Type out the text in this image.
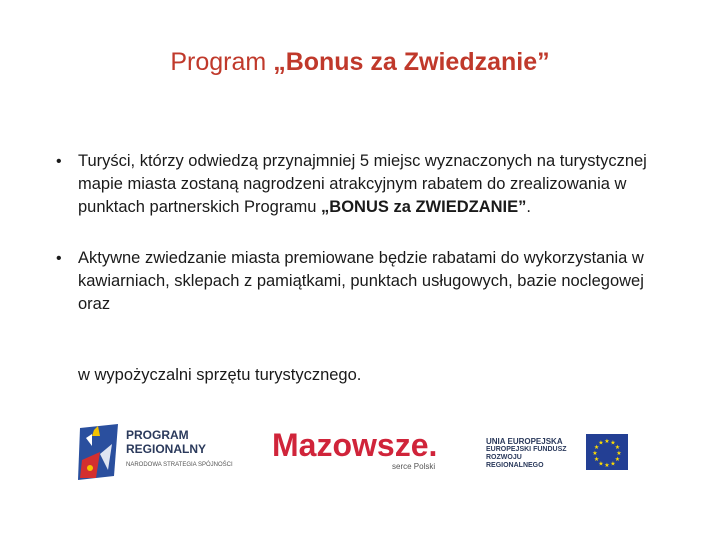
Program „Bonus za Zwiedzanie”
• Turyści, którzy odwiedzą przynajmniej 5 miejsc wyznaczonych na turystycznej mapie miasta zostaną nagrodzeni atrakcyjnym rabatem do zrealizowania w punktach partnerskich Programu „BONUS za ZWIEDZANIE”.
• Aktywne zwiedzanie miasta premiowane będzie rabatami do wykorzystania w kawiarniach, sklepach z pamiątkami, punktach usługowych, bazie noclegowej oraz
w wypożyczalni sprzętu turystycznego.
PROGRAM
REGIONALNY
NARODOWA STRATEGIA SPÓJNOŚCI
Mazowsze.
serce Polski
UNIA EUROPEJSKA
EUROPEJSKI FUNDUSZ
ROZWOJU REGIONALNEGO
★ ★
★
★
★
★
★
★
★
★
★
★
